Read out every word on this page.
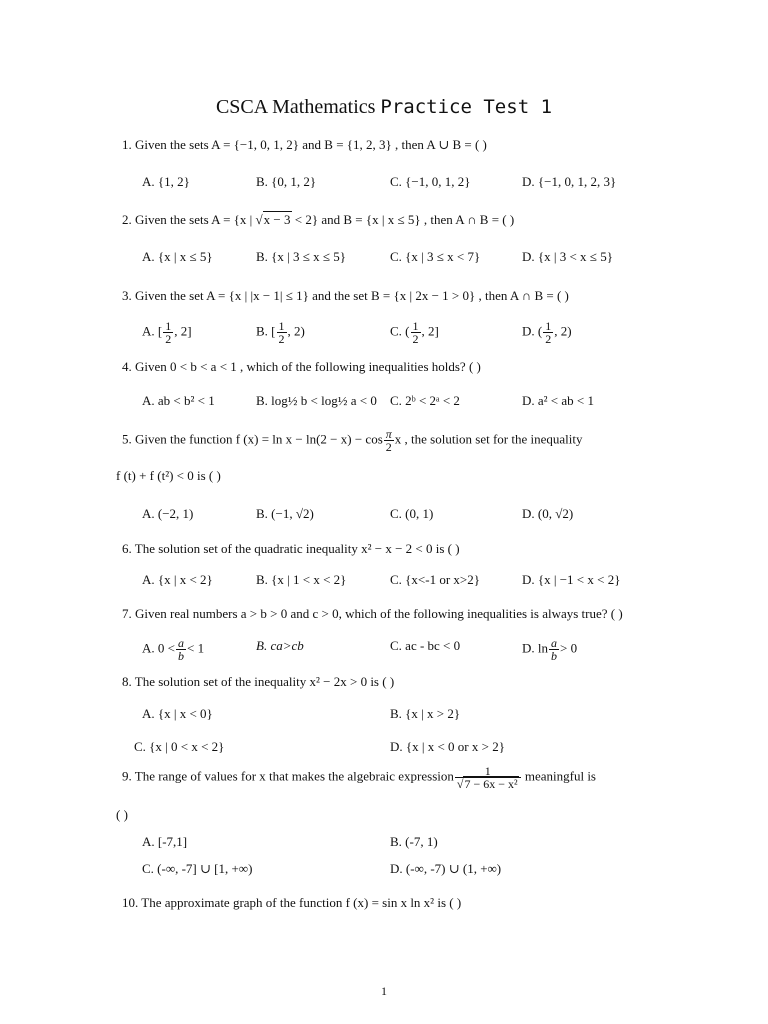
CSCA Mathematics Practice Test 1
1. Given the sets A = {−1, 0, 1, 2} and B = {1, 2, 3} , then A ∪ B = ( )
A. {1, 2}	B. {0, 1, 2}	C. {−1, 0, 1, 2}	D. {−1, 0, 1, 2, 3}
2. Given the sets A = {x | √x − 3 < 2} and B = {x | x ≤ 5} , then A ∩ B = ( )
A. {x | x ≤ 5}	B. {x | 3 ≤ x ≤ 5}	C. {x | 3 ≤ x < 7}	D. {x | 3 < x ≤ 5}
3. Given the set A = {x | |x − 1| ≤ 1} and the set B = {x | 2x − 1 > 0} , then A ∩ B = ( )
A. [ $\frac{1}{2}$ , 2]	B. [ $\frac{1}{2}$ , 2)	C. ( $\frac{1}{2}$ , 2]	D. ( $\frac{1}{2}$ , 2)
4. Given 0 < b < a < 1 , which of the following inequalities holds? ( )
A. ab < b² < 1	B. log½ b < log½ a < 0 C. 2ᵇ < 2ᵃ < 2	D. a² < ab < 1
5. Given the function f $(x) = \ln x - \ln(2 - x) - \cos \frac{\pi}{2}$ x , the solution set for the inequality
f (t) + f (t²) < 0 is ( )
A. (−2, 1)	B. (−1, √2)	C. (0, 1)	D. (0, √2)
6. The solution set of the quadratic inequality x² − x − 2 < 0 is ( )
A. {x | x < 2}	B. {x | 1 < x < 2}	C. {x<-1 or x>2}	D. {x | −1 < x < 2}
7. Given real numbers a > b > 0 and c > 0, which of the following inequalities is always true? ( )
A. $0 < \frac{a}{b} < 1$	B. ca>cb	C. ac - bc < 0	D. $\ln \frac{a}{b} > 0$
8. The solution set of the inequality x² − 2x > 0 is ( )
A. {x | x < 0}	B. {x | x > 2}
C. {x | 0 < x < 2}	D. {x | x < 0 or x > 2}
9. The range of values for x that makes the algebraic expression $\frac{1}{\text{√7 − 6x − x²}}$ meaningful is
( )
A. [-7,1]	B. (-7, 1)
C. (-∞, -7] ∪ [1, +∞)	D. (-∞, -7) ∪ (1, +∞)
10. The approximate graph of the function f (x) = sin x ln x² is ( )
1
